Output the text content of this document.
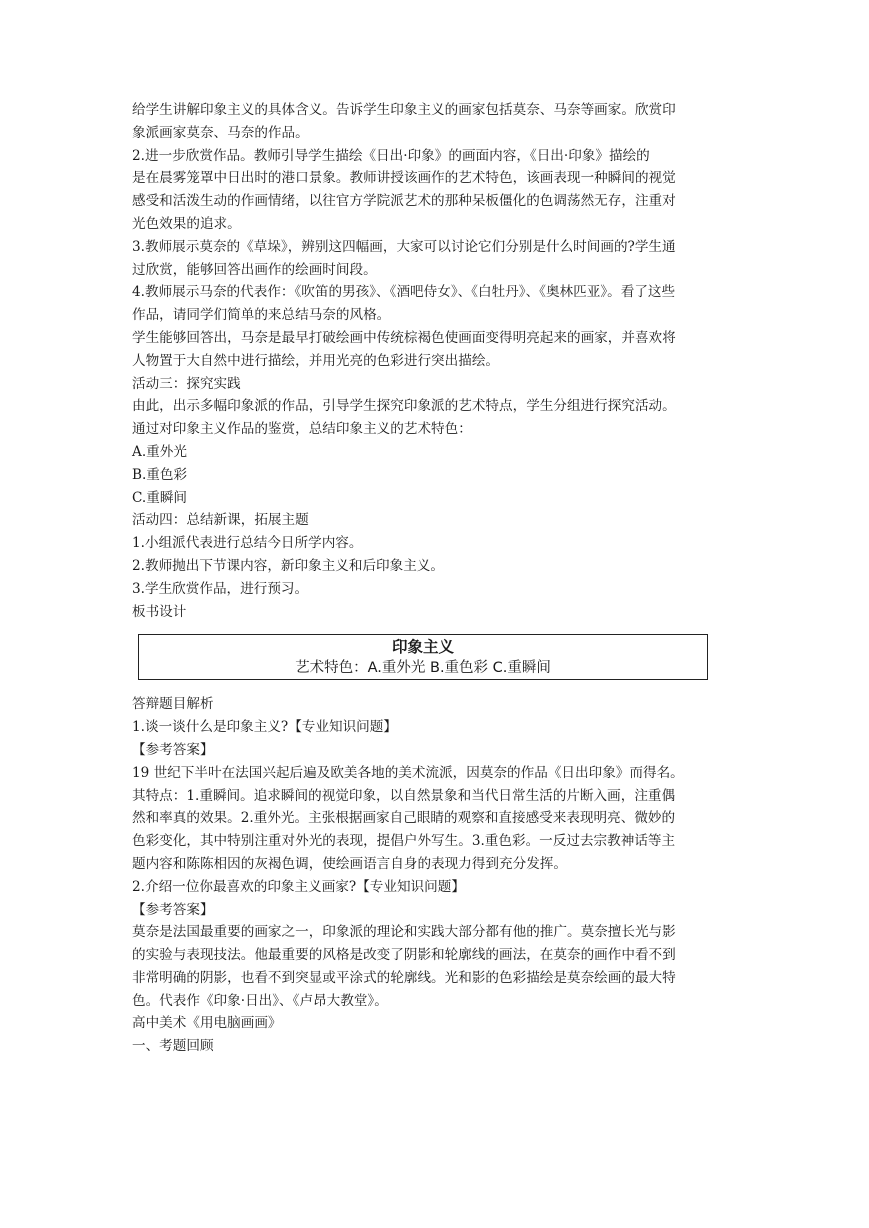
给学生讲解印象主义的具体含义。告诉学生印象主义的画家包括莫奈、马奈等画家。欣赏印

象派画家莫奈、马奈的作品。

2.进一步欣赏作品。教师引导学生描绘《日出·印象》的画面内容，《日出·印象》描绘的

是在晨雾笼罩中日出时的港口景象。教师讲授该画作的艺术特色，该画表现一种瞬间的视觉

感受和活泼生动的作画情绪，以往官方学院派艺术的那种呆板僵化的色调荡然无存，注重对

光色效果的追求。

3.教师展示莫奈的《草垛》，辨别这四幅画，大家可以讨论它们分别是什么时间画的?学生通

过欣赏，能够回答出画作的绘画时间段。

4.教师展示马奈的代表作：《吹笛的男孩》、《酒吧侍女》、《白牡丹》、《奥林匹亚》。看了这些

作品，请同学们简单的来总结马奈的风格。

学生能够回答出，马奈是最早打破绘画中传统棕褐色使画面变得明亮起来的画家，并喜欢将

人物置于大自然中进行描绘，并用光亮的色彩进行突出描绘。

活动三：探究实践

由此，出示多幅印象派的作品，引导学生探究印象派的艺术特点，学生分组进行探究活动。

通过对印象主义作品的鉴赏，总结印象主义的艺术特色：

A.重外光

B.重色彩

C.重瞬间

活动四：总结新课，拓展主题

1.小组派代表进行总结今日所学内容。

2.教师抛出下节课内容，新印象主义和后印象主义。

3.学生欣赏作品，进行预习。

板书设计

印象主义
艺术特色：A.重外光 B.重色彩 C.重瞬间

答辩题目解析

1.谈一谈什么是印象主义?【专业知识问题】

【参考答案】

19 世纪下半叶在法国兴起后遍及欧美各地的美术流派，因莫奈的作品《日出印象》而得名。

其特点：1.重瞬间。追求瞬间的视觉印象，以自然景象和当代日常生活的片断入画，注重偶

然和率真的效果。2.重外光。主张根据画家自己眼睛的观察和直接感受来表现明亮、微妙的

色彩变化，其中特别注重对外光的表现，提倡户外写生。3.重色彩。一反过去宗教神话等主

题内容和陈陈相因的灰褐色调，使绘画语言自身的表现力得到充分发挥。

2.介绍一位你最喜欢的印象主义画家?【专业知识问题】

【参考答案】

莫奈是法国最重要的画家之一，印象派的理论和实践大部分都有他的推广。莫奈擅长光与影

的实验与表现技法。他最重要的风格是改变了阴影和轮廓线的画法，在莫奈的画作中看不到

非常明确的阴影，也看不到突显或平涂式的轮廓线。光和影的色彩描绘是莫奈绘画的最大特

色。代表作《印象·日出》、《卢昂大教堂》。

高中美术《用电脑画画》

一、考题回顾
